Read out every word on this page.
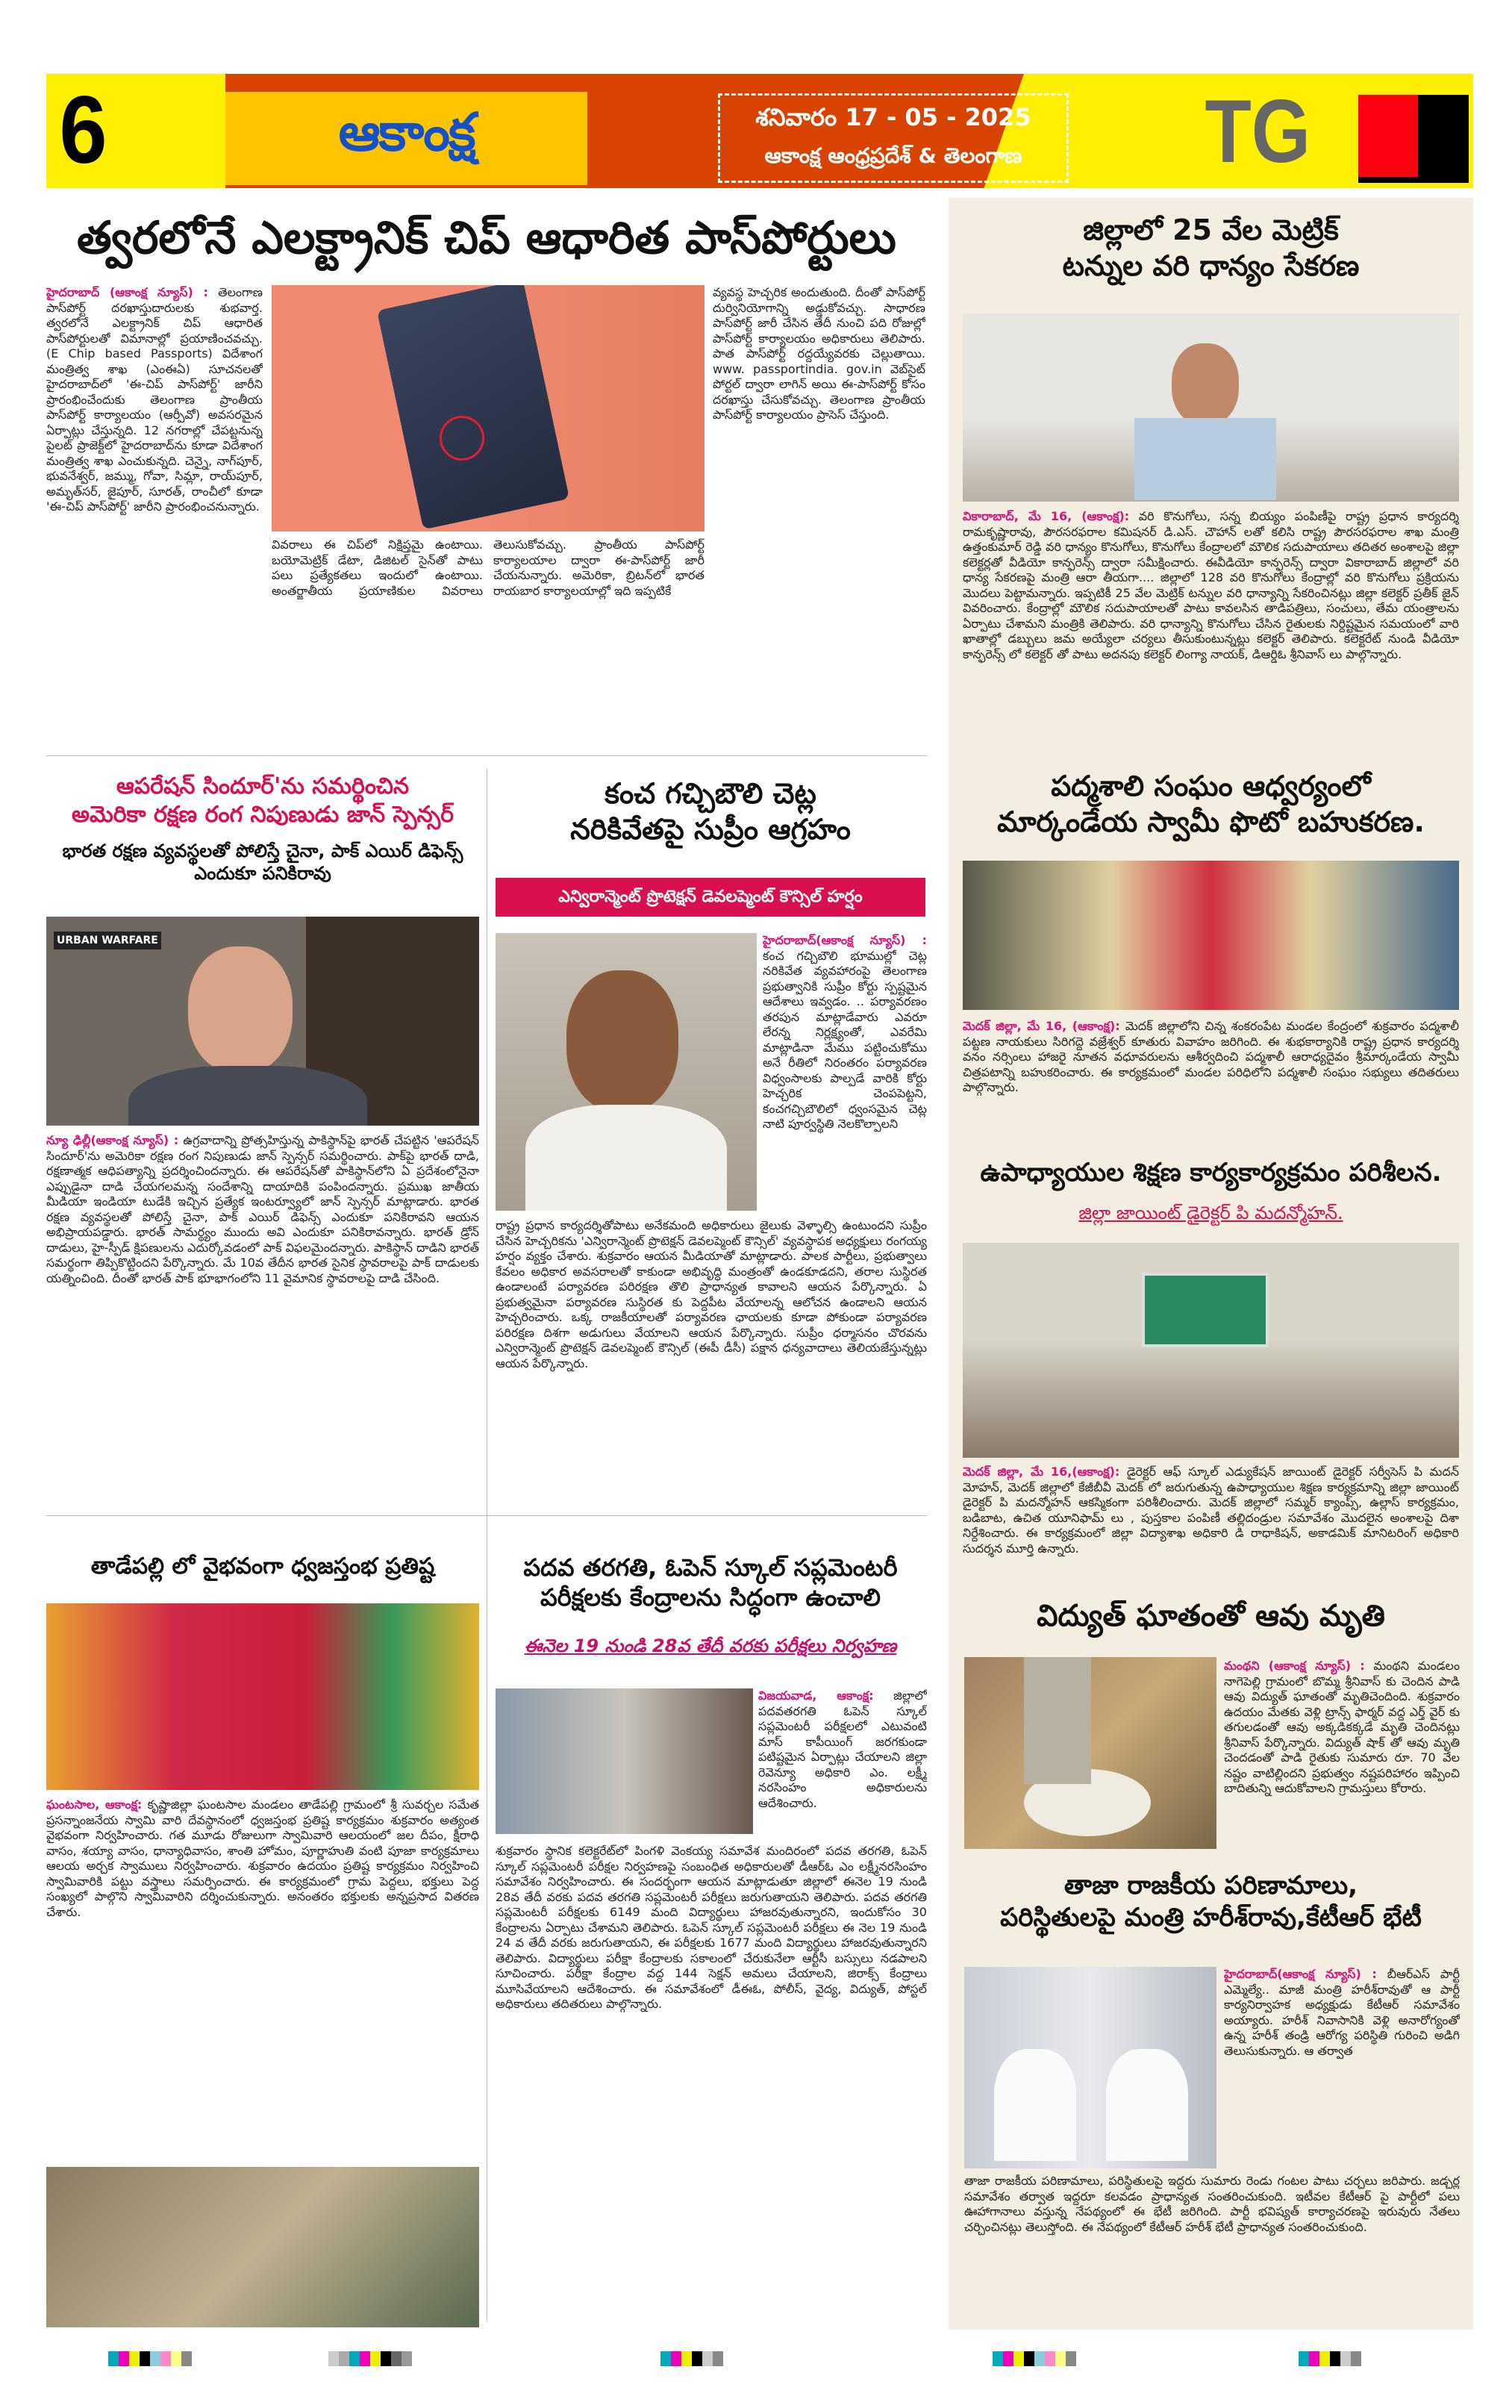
6	ఆకాంక్ష	శనివారం 17 - 05 - 2025
ఆకాంక్ష ఆంధ్రప్రదేశ్ & తెలంగాణ TG
త్వరలోనే ఎలక్ట్రానిక్ చిప్ ఆధారిత పాస్‌పోర్టులు
హైదరాబాద్ (ఆకాంక్ష న్యూస్) : తెలంగాణ పాస్‌పోర్ట్ దరఖాస్తుదారులకు శుభవార్త. త్వరలోనే ఎలక్ట్రానిక్ చిప్ ఆధారిత పాస్‌పోర్టులతో విమానాల్లో ప్రయాణించవచ్చు. (E Chip based Passports) విదేశాంగ మంత్రిత్వ శాఖ (ఎంఈఏ) సూచనలతో హైదరాబాద్‌లో 'ఈ-చిప్ పాస్‌పోర్ట్' జారీని ప్రారంభించేందుకు తెలంగాణ ప్రాంతీయ పాస్‌పోర్ట్ కార్యాలయం (ఆర్పీవో) అవసరమైన ఏర్పాట్లు చేస్తున్నది. 12 నగరాల్లో చేపట్టనున్న పైలట్ ప్రాజెక్ట్‌లో హైదరాబాద్‌ను కూడా విదేశాంగ మంత్రిత్వ శాఖ ఎంచుకున్నది. చెన్నై, నాగ్‌పూర్, భువనేశ్వర్, జమ్ము, గోవా, సిమ్లా, రాయ్‌పూర్, అమృత్‌సర్, జైపూర్, సూరత్, రాంచీలో కూడా 'ఈ-చిప్ పాస్‌పోర్ట్' జారీని ప్రారంభించనున్నారు.
వివరాలు ఈ చిప్‌లో నిక్షిప్తమై ఉంటాయి. బయోమెట్రిక్ డేటా, డిజిటల్ సైన్‌తో పాటు పలు ప్రత్యేకతలు ఇందులో ఉంటాయి. అంతర్జాతీయ ప్రయాణికుల వివరాలు తెలుసుకోవచ్చు. ప్రాంతీయ పాస్‌పోర్ట్ కార్యాలయాల ద్వారా ఈ-పాస్‌పోర్ట్ జారీ చేయనున్నారు. అమెరికా, బ్రిటన్‌లో భారత రాయబార కార్యాలయాల్లో ఇది ఇప్పటికే
వ్యవస్థ హెచ్చరిక అందుతుంది. దీంతో పాస్‌పోర్ట్ దుర్వినియోగాన్ని అడ్డుకోవచ్చు. సాధారణ పాస్‌పోర్ట్ జారీ చేసిన తేదీ నుంచి పది రోజుల్లో పాస్‌పోర్ట్ కార్యాలయం అధికారులు తెలిపారు. పాత పాస్‌పోర్ట్ రద్దయ్యేవరకు చెల్లుతాయి. www. passportindia. gov.in వెబ్‌సైట్ పోర్టల్ ద్వారా లాగిన్ అయి ఈ-పాస్‌పోర్ట్ కోసం దరఖాస్తు చేసుకోవచ్చు. తెలంగాణ ప్రాంతీయ పాస్‌పోర్ట్ కార్యాలయం ప్రాసెస్ చేస్తుంది.
ఆపరేషన్ సిందూర్'ను సమర్థించిన
అమెరికా రక్షణ రంగ నిపుణుడు జాన్ స్పెన్సర్
భారత రక్షణ వ్యవస్థలతో పోలిస్తే చైనా, పాక్ ఎయిర్ డిఫెన్స్ ఎందుకూ పనికిరావు
URBAN WARFARE
న్యూ ఢిల్లీ(ఆకాంక్ష న్యూస్) : ఉగ్రవాదాన్ని ప్రోత్సహిస్తున్న పాకిస్థాన్‌పై భారత్ చేపట్టిన 'ఆపరేషన్ సిందూర్'ను అమెరికా రక్షణ రంగ నిపుణుడు జాన్ స్పెన్సర్ సమర్థించారు. పాక్‌పై భారత్ దాడి, రక్షణాత్మక ఆధిపత్యాన్ని ప్రదర్శించిందన్నారు. ఈ ఆపరేషన్‌తో పాకిస్థాన్‌లోని ఏ ప్రదేశంలోనైనా ఎప్పుడైనా దాడి చేయగలమన్న సందేశాన్ని దాయాదికి పంపిందన్నారు. ప్రముఖ జాతీయ మీడియా ఇండియా టుడేకి ఇచ్చిన ప్రత్యేక ఇంటర్వ్యూలో జాన్ స్పెన్సర్ మాట్లాడారు. భారత రక్షణ వ్యవస్థలతో పోలిస్తే చైనా, పాక్ ఎయిర్ డిఫెన్స్ ఎందుకూ పనికిరావని ఆయన అభిప్రాయపడ్డారు. భారత్ సామర్థ్యం ముందు అవి ఎందుకూ పనికిరావన్నారు. భారత్ డ్రోన్ దాడులు, హై-స్పీడ్ క్షిపణులను ఎదుర్కోవడంలో పాక్ విఫలమైందన్నారు. పాకిస్థాన్ దాడిని భారత్ సమర్థంగా తిప్పికొట్టిందని పేర్కొన్నారు. మే 10వ తేదీన భారత సైనిక స్థావరాలపై పాక్ దాడులకు యత్నించింది. దీంతో భారత్ పాక్ భూభాగంలోని 11 వైమానిక స్థావరాలపై దాడి చేసింది.
కంచ గచ్చిబౌలి చెట్ల
నరికివేతపై సుప్రీం ఆగ్రహం
ఎన్విరాన్మెంట్ ప్రొటెక్షన్ డెవలప్మెంట్ కౌన్సిల్ హర్షం
హైదరాబాద్(ఆకాంక్ష న్యూస్) : కంచ గచ్చిబౌలి భూముల్లో చెట్ల నరికివేత వ్యవహారంపై తెలంగాణ ప్రభుత్వానికి సుప్రీం కోర్టు స్పష్టమైన ఆదేశాలు ఇవ్వడం. .. పర్యావరణం తరపున మాట్లాడేవారు ఎవరూ లేరన్న నిర్లక్ష్యంతో, ఎవరేమి మాట్లాడినా మేము పట్టించుకోము అనే రీతిలో నిరంతరం పర్యావరణ విధ్వంసాలకు పాల్పడే వారికి కోర్టు హెచ్చరిక చెంపపెట్టని, కంచగచ్చిబౌలిలో ధ్వంసమైన చెట్ల నాటి పూర్వస్థితి నెలకొల్పాలని
రాష్ట్ర ప్రధాన కార్యదర్శితోపాటు అనేకమంది అధికారులు జైలుకు వెళ్ళాల్సి ఉంటుందని సుప్రీం చేసిన హెచ్చరికను 'ఎన్విరాన్మెంట్ ప్రొటెక్షన్ డెవలప్మెంట్ కౌన్సిల్' వ్యవస్థాపక అధ్యక్షులు రంగయ్య హర్షం వ్యక్తం చేశారు. శుక్రవారం ఆయన మీడియాతో మాట్లాడారు. పాలక పార్టీలు, ప్రభుత్వాలు కేవలం అధికార అవసరాలతో కాకుండా అభివృద్ధి మంత్రంతో ఉండకూడదని, తరాల సుస్థిరత ఉండాలంటే పర్యావరణ పరిరక్షణ తొలి ప్రాధాన్యత కావాలని ఆయన పేర్కొన్నారు. ఏ ప్రభుత్వమైనా పర్యావరణ సుస్థిరత కు పెద్దపీట వేయాలన్న ఆలోచన ఉండాలని ఆయన హెచ్చరించారు. ఒక్క రాజకీయాలతో పర్యావరణ ఛాయలకు కూడా పోకుండా పర్యావరణ పరిరక్షణ దిశగా అడుగులు వేయాలని ఆయన పేర్కొన్నారు. సుప్రీం ధర్మాసనం చొరవను ఎన్విరాన్మెంట్ ప్రొటెక్షన్ డెవలప్మెంట్ కౌన్సిల్ (ఈపీ డీసీ) పక్షాన ధన్యవాదాలు తెలియజేస్తున్నట్లు ఆయన పేర్కొన్నారు.
తాడేపల్లి లో వైభవంగా ధ్వజస్తంభ ప్రతిష్ట
ఘంటసాల, ఆకాంక్ష: కృష్ణాజిల్లా ఘంటసాల మండలం తాడేపల్లి గ్రామంలో శ్రీ సువర్చల సమేత ప్రసన్నాంజనేయ స్వామి వారి దేవస్థానంలో ధ్వజస్తంభ ప్రతిష్ట కార్యక్రమం శుక్రవారం అత్యంత వైభవంగా నిర్వహించారు. గత మూడు రోజులుగా స్వామివారి ఆలయంలో జల దీపం, క్షీరాధి వాసం, శయ్యా వాసం, ధాన్యాధివాసం, శాంతి హోమం, పూర్ణాహుతి వంటి పూజా కార్యక్రమాలు ఆలయ అర్చక స్వాములు నిర్వహించారు. శుక్రవారం ఉదయం ప్రతిష్ట కార్యక్రమం నిర్వహించి స్వామివారికి పట్టు వస్త్రాలు సమర్పించారు. ఈ కార్యక్రమంలో గ్రామ పెద్దలు, భక్తులు పెద్ద సంఖ్యలో పాల్గొని స్వామివారిని దర్శించుకున్నారు. అనంతరం భక్తులకు అన్నప్రసాద వితరణ చేశారు.
పదవ తరగతి, ఓపెన్ స్కూల్ సప్లమెంటరీ
పరీక్షలకు కేంద్రాలను సిద్ధంగా ఉంచాలి
ఈనెల 19 నుండి 28వ తేదీ వరకు పరీక్షలు నిర్వహణ
విజయవాడ, ఆకాంక్ష: జిల్లాలో పదవతరగతి ఓపెన్ స్కూల్ సప్లమెంటరీ పరీక్షలలో ఎటువంటి మాస్ కాపీయింగ్ జరగకుండా పటిష్టమైన ఏర్పాట్లు చేయాలని జిల్లా రెవెన్యూ అధికారి ఎం. లక్ష్మీ నరసింహం అధికారులను ఆదేశించారు.
శుక్రవారం స్థానిక కలెక్టరేట్‌లో పింగళి వెంకయ్య సమావేశ మందిరంలో పదవ తరగతి, ఓపెన్ స్కూల్ సప్లమెంటరీ పరీక్షల నిర్వహణపై సంబంధిత అధికారులతో డీఆర్‌ఓ ఎం లక్ష్మీనరసింహం సమావేశం నిర్వహించారు. ఈ సందర్భంగా ఆయన మాట్లాడుతూ జిల్లాలో ఈనెల 19 నుండి 28వ తేదీ వరకు పదవ తరగతి సప్లమెంటరీ పరీక్షలు జరుగుతాయని తెలిపారు. పదవ తరగతి సప్లమెంటరీ పరీక్షలకు 6149 మంది విద్యార్థులు హాజరవుతున్నారని, ఇందుకోసం 30 కేంద్రాలను ఏర్పాటు చేశామని తెలిపారు. ఓపెన్ స్కూల్ సప్లమెంటరీ పరీక్షలు ఈ నెల 19 నుండి 24 వ తేదీ వరకు జరుగుతాయని, ఈ పరీక్షలకు 1677 మంది విద్యార్థులు హాజరవుతున్నారని తెలిపారు. విద్యార్థులు పరీక్షా కేంద్రాలకు సకాలంలో చేరుకునేలా ఆర్టీసీ బస్సులు నడపాలని సూచించారు. పరీక్షా కేంద్రాల వద్ద 144 సెక్షన్ అమలు చేయాలని, జిరాక్స్ కేంద్రాలు మూసివేయాలని ఆదేశించారు. ఈ సమావేశంలో డీఈఓ, పోలీస్, వైద్య, విద్యుత్, పోస్టల్ అధికారులు తదితరులు పాల్గొన్నారు.
జిల్లాలో 25 వేల మెట్రిక్
టన్నుల వరి ధాన్యం సేకరణ
వికారాబాద్, మే 16, (ఆకాంక్ష): వరి కొనుగోలు, సన్న బియ్యం పంపిణీపై రాష్ట్ర ప్రధాన కార్యదర్శి రామకృష్ణారావు, పౌరసరఫరాల కమిషనర్ డి.ఎస్. చౌహాన్ లతో కలిసి రాష్ట్ర పౌరసరఫరాల శాఖ మంత్రి ఉత్తంకుమార్ రెడ్డి వరి ధాన్యం కొనుగోలు, కొనుగోలు కేంద్రాలలో మౌలిక సదుపాయాలు తదితర అంశాలపై జిల్లా కలెక్టర్లతో వీడియో కాన్ఫరెన్స్ ద్వారా సమీక్షించారు. ఈవీడియో కాన్ఫరెన్స్ ద్వారా వికారాబాద్ జిల్లాలో వరి ధాన్య సేకరణపై మంత్రి ఆరా తీయగా.... జిల్లాలో 128 వరి కొనుగోలు కేంద్రాల్లో వరి కొనుగోలు ప్రక్రియను మొదలు పెట్టామన్నారు. ఇప్పటికీ 25 వేల మెట్రిక్ టన్నుల వరి ధాన్యాన్ని సేకరించినట్లు జిల్లా కలెక్టర్ ప్రతీక్ జైన్ వివరించారు. కేంద్రాల్లో మౌలిక సదుపాయాలతో పాటు కావలసిన తాడిపత్రిలు, సంచులు, తేమ యంత్రాలను ఏర్పాటు చేశామని మంత్రికి తెలిపారు. వరి ధాన్యాన్ని కొనుగోలు చేసిన రైతులకు నిర్దిష్టమైన సమయంలో వారి ఖాతాల్లో డబ్బులు జమ అయ్యేలా చర్యలు తీసుకుంటున్నట్లు కలెక్టర్ తెలిపారు. కలెక్టరేట్ నుండి వీడియో కాన్ఫరెన్స్ లో కలెక్టర్ తో పాటు అదనపు కలెక్టర్ లింగ్యా నాయక్, డిఆర్డిఓ శ్రీనివాస్ లు పాల్గొన్నారు.
పద్మశాలి సంఘం ఆధ్వర్యంలో
మార్కండేయ స్వామీ ఫొటో బహుకరణ.
మెదక్ జిల్లా, మే 16, (ఆకాంక్ష): మెదక్ జిల్లాలోని చిన్న శంకరంపేట మండల కేంద్రంలో శుక్రవారం పద్మశాలీ పట్టణ నాయకులు సిరిగద్దె వజ్రేశ్వర్ కూతురు వివాహం జరిగింది. ఈ శుభకార్యానికి రాష్ట్ర ప్రధాన కార్యదర్శి వనం నర్సింలు హాజరై నూతన వధూవరులను ఆశీర్వదించి పద్మశాలీ ఆరాధ్యదైవం శ్రీమార్కండేయ స్వామీ చిత్రపటాన్ని బహుకరించారు. ఈ కార్యక్రమంలో మండల పరిధిలోని పద్మశాలీ సంఘం సభ్యులు తదితరులు పాల్గొన్నారు.
ఉపాధ్యాయుల శిక్షణ కార్యకార్యక్రమం పరిశీలన.
జిల్లా జాయింట్ డైరెక్టర్ పి మదన్మోహన్.
మెదక్ జిల్లా, మే 16,(ఆకాంక్ష): డైరెక్టర్ ఆఫ్ స్కూల్ ఎడ్యుకేషన్ జాయింట్ డైరెక్టర్ సర్వీసెస్ పి మదన్ మోహన్, మెదక్ జిల్లాలో కేజీబీవీ మెదక్ లో జరుగుతున్న ఉపాధ్యాయుల శిక్షణ కార్యక్రమాన్ని జిల్లా జాయింట్ డైరెక్టర్ పి మదన్మోహన్ ఆకస్మికంగా పరిశీలించారు. మెదక్ జిల్లాలో సమ్మర్ క్యాంప్స్, ఉల్లాస్ కార్యక్రమం, బడిబాట, ఉచిత యూనిఫామ్ లు , పుస్తకాల పంపిణీ తల్లిదండ్రుల సమావేశం మొదలైన అంశాలపై దిశా నిర్దేశించారు. ఈ కార్యక్రమంలో జిల్లా విద్యాశాఖ అధికారి డి రాధాకిషన్, అకాడమిక్ మానిటరింగ్ అధికారి సుదర్శన మూర్తి ఉన్నారు.
విద్యుత్ ఘాతంతో ఆవు మృతి
మంథని (ఆకాంక్ష న్యూస్) : మంథని మండలం నాగెపెల్లి గ్రామంలో బొమ్మ శ్రీనివాస్ కు చెందిన పాడి ఆవు విద్యుత్ ఘాతంతో మృతిచెందింది. శుక్రవారం ఉదయం మేతకు వెళ్లి ట్రాన్స్ ఫార్మర్ వద్ద ఎర్త్ వైర్ కు తగులడంతో ఆవు అక్కడికక్కడే మృతి చెందినట్లు శ్రీనివాస్ పేర్కొన్నారు. విద్యుత్ షాక్ తో ఆవు మృతి చెందడంతో పాడి రైతుకు సుమారు రూ. 70 వేల నష్టం వాటిల్లిందని ప్రభుత్వం నష్టపరిహారం ఇప్పించి బాదితున్ని ఆదుకోవాలని గ్రామస్తులు కోరారు.
తాజా రాజకీయ పరిణామాలు,
పరిస్థితులపై మంత్రి హరీశ్‌రావు,కేటీఆర్ భేటీ
హైదరాబాద్(ఆకాంక్ష న్యూస్) : బీఆర్ఎస్ పార్టీ ఎమ్మెల్యే.. మాజీ మంత్రి హరీశ్‌రావుతో ఆ పార్టీ కార్యనిర్వాహక అధ్యక్షుడు కేటీఆర్ సమావేశం అయ్యారు. హరీశ్ నివాసానికి వెళ్లి అనారోగ్యంతో ఉన్న హరీశ్ తండ్రి ఆరోగ్య పరిస్థితి గురించి అడిగి తెలుసుకున్నారు. ఆ తర్వాత
తాజా రాజకీయ పరిణామాలు, పరిస్థితులపై ఇద్దరు సుమారు రెండు గంటల పాటు చర్చలు జరిపారు. జడ్చర్ల సమావేశం తర్వాత ఇద్దరూ కలవడం ప్రాధాన్యత సంతరించుకుంది. ఇటీవల కేటీఆర్ పై పార్టీలో పలు ఊహాగానాలు వస్తున్న నేపథ్యంలో ఈ భేటీ జరిగింది. పార్టీ భవిష్యత్ కార్యాచరణపై ఇరువురు నేతలు చర్చించినట్లు తెలుస్తోంది. ఈ నేపథ్యంలో కేటీఆర్ హరీశ్ భేటీ ప్రాధాన్యత సంతరించుకుంది.
